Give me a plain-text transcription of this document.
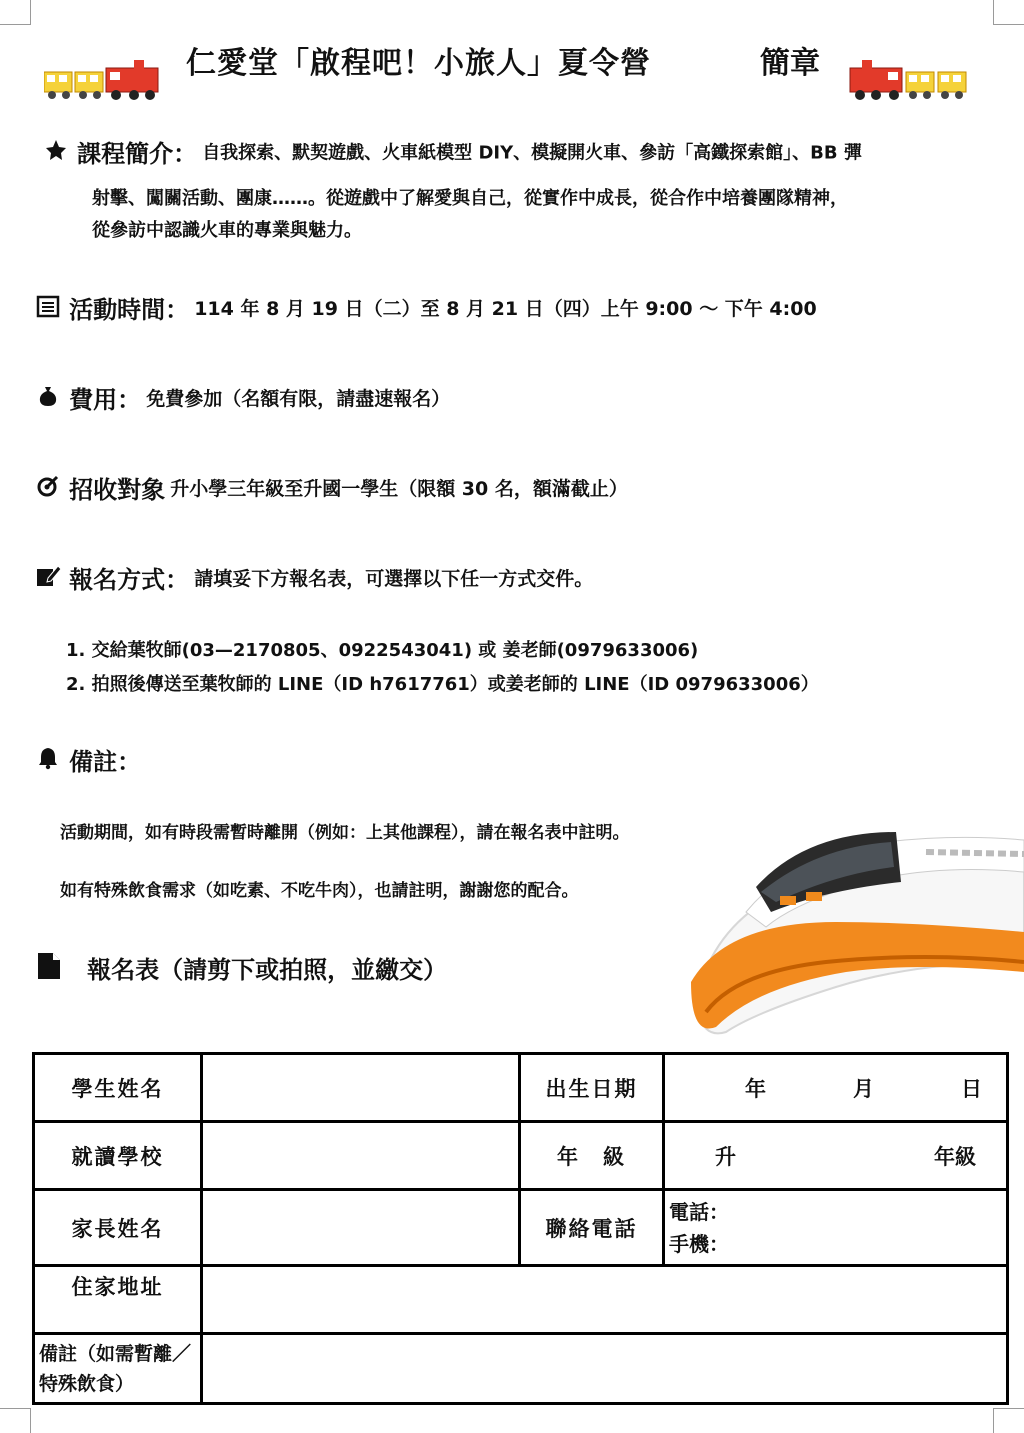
仁愛堂「啟程吧！小旅人」夏令營	簡章
課程簡介： 自我探索、默契遊戲、火車紙模型 DIY、模擬開火車、參訪「高鐵探索館」、BB 彈
射擊、闖關活動、團康……。從遊戲中了解愛與自己，從實作中成長，從合作中培養團隊精神，
從參訪中認識火車的專業與魅力。
活動時間： 114 年 8 月 19 日（二）至 8 月 21 日（四）上午 9:00 ～ 下午 4:00
費用： 免費參加（名額有限，請盡速報名）
招收對象 升小學三年級至升國一學生（限額 30 名，額滿截止）
報名方式： 請填妥下方報名表，可選擇以下任一方式交件。
1. 交給葉牧師(03—2170805、0922543041) 或 姜老師(0979633006)
2. 拍照後傳送至葉牧師的 LINE（ID h7617761）或姜老師的 LINE（ID 0979633006）
備註：
活動期間，如有時段需暫時離開（例如：上其他課程），請在報名表中註明。
如有特殊飲食需求（如吃素、不吃牛肉），也請註明，謝謝您的配合。
報名表（請剪下或拍照，並繳交）
學生姓名		出生日期	年 月 日

就讀學校		年　級	升 年級

家長姓名		聯絡電話	電話：
手機：

住家地址			
備註（如需暫離／特殊飲食）			
